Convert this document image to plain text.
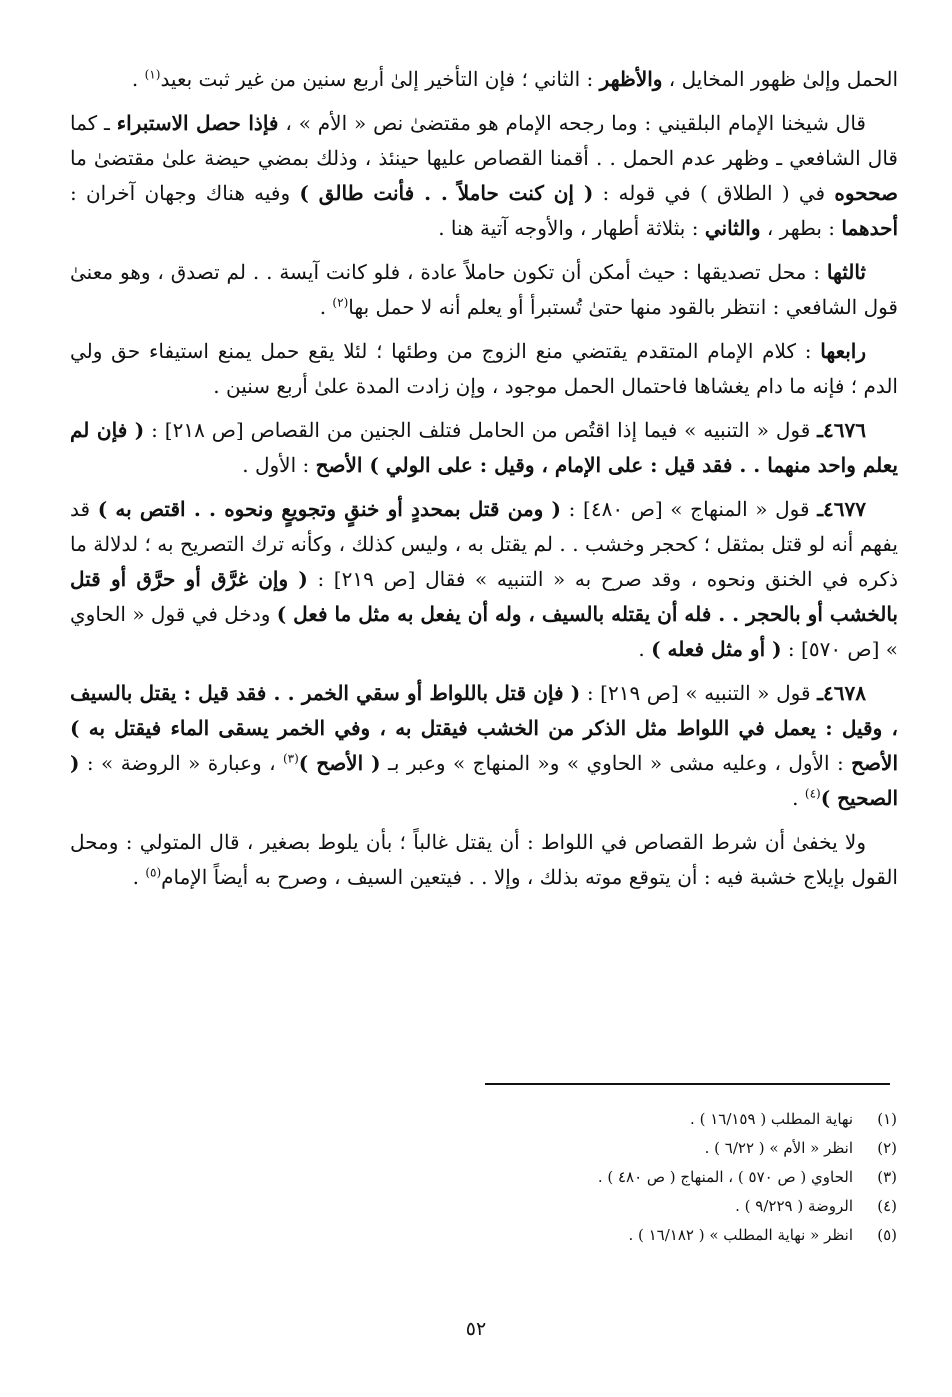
الحمل وإلىٰ ظهور المخايل ، والأظهر : الثاني ؛ فإن التأخير إلىٰ أربع سنين من غير ثبت بعيد$^{(١)}$ .

قال شيخنا الإمام البلقيني : وما رجحه الإمام هو مقتضىٰ نص « الأم » ، فإذا حصل الاستبراء ـ كما قال الشافعي ـ وظهر عدم الحمل . . أقمنا القصاص عليها حينئذ ، وذلك بمضي حيضة علىٰ مقتضىٰ ما صححوه في ( الطلاق ) في قوله : ( إن كنت حاملاً . . فأنت طالق ) وفيه هناك وجهان آخران : أحدهما : بطهر ، والثاني : بثلاثة أطهار ، والأوجه آتية هنا .

ثالثها : محل تصديقها : حيث أمكن أن تكون حاملاً عادة ، فلو كانت آيسة . . لم تصدق ، وهو معنىٰ قول الشافعي : انتظر بالقود منها حتىٰ تُستبرأ أو يعلم أنه لا حمل بها$^{(٢)}$ .

رابعها : كلام الإمام المتقدم يقتضي منع الزوج من وطئها ؛ لئلا يقع حمل يمنع استيفاء حق ولي الدم ؛ فإنه ما دام يغشاها فاحتمال الحمل موجود ، وإن زادت المدة علىٰ أربع سنين .

٤٦٧٦ـ قول « التنبيه » فيما إذا اقتُص من الحامل فتلف الجنين من القصاص [ص ٢١٨] : ( فإن لم يعلم واحد منهما . . فقد قيل : على الإمام ، وقيل : على الولي ) الأصح : الأول .

٤٦٧٧ـ قول « المنهاج » [ص ٤٨٠] : ( ومن قتل بمحددٍ أو خنقٍ وتجويعٍ ونحوه . . اقتص به ) قد يفهم أنه لو قتل بمثقل ؛ كحجر وخشب . . لم يقتل به ، وليس كذلك ، وكأنه ترك التصريح به ؛ لدلالة ما ذكره في الخنق ونحوه ، وقد صرح به « التنبيه » فقال [ص ٢١٩] : ( وإن غرَّق أو حرَّق أو قتل بالخشب أو بالحجر . . فله أن يقتله بالسيف ، وله أن يفعل به مثل ما فعل ) ودخل في قول « الحاوي » [ص ٥٧٠] : ( أو مثل فعله ) .

٤٦٧٨ـ قول « التنبيه » [ص ٢١٩] : ( فإن قتل باللواط أو سقي الخمر . . فقد قيل : يقتل بالسيف ، وقيل : يعمل في اللواط مثل الذكر من الخشب فيقتل به ، وفي الخمر يسقى الماء فيقتل به ) الأصح : الأول ، وعليه مشى « الحاوي » و« المنهاج » وعبر بـ ( الأصح )$^{(٣)}$ ، وعبارة « الروضة » : ( الصحيح )$^{(٤)}$ .

ولا يخفىٰ أن شرط القصاص في اللواط : أن يقتل غالباً ؛ بأن يلوط بصغير ، قال المتولي : ومحل القول بإيلاج خشبة فيه : أن يتوقع موته بذلك ، وإلا . . فيتعين السيف ، وصرح به أيضاً الإمام$^{(٥)}$ .

(١)
نهاية المطلب ( ١٦/١٥٩ ) .
(٢)
انظر « الأم » ( ٦/٢٢ ) .
(٣)
الحاوي ( ص ٥٧٠ ) ، المنهاج ( ص ٤٨٠ ) .
(٤)
الروضة ( ٩/٢٢٩ ) .
(٥)
انظر « نهاية المطلب » ( ١٦/١٨٢ ) .
٥٢
